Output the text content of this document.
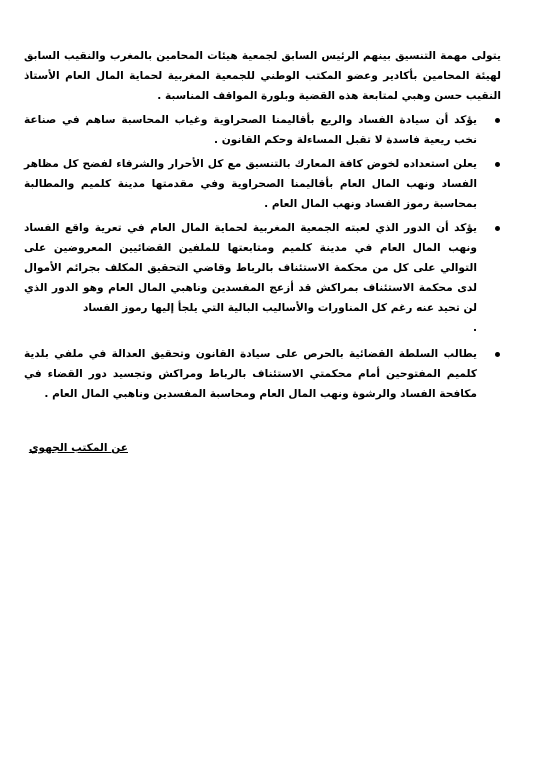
يتولى مهمة التنسيق بينهم الرئيس السابق لجمعية هيئات المحامين بالمغرب والنقيب السابق لهيئة المحامين بأكادير وعضو المكتب الوطني للجمعية المغربية لحماية المال العام الأستاذ النقيب حسن وهبي لمتابعة هذه القضية وبلورة المواقف المناسبة .

يؤكد أن سيادة الفساد والريع بأقاليمنا الصحراوية وغياب المحاسبة ساهم في صناعة نخب ريعية فاسدة لا تقبل المساءلة وحكم القانون .
يعلن استعداده لخوض كافة المعارك بالتنسيق مع كل الأحرار والشرفاء لفضح كل مظاهر الفساد ونهب المال العام بأقاليمنا الصحراوية وفي مقدمتها مدينة كلميم والمطالبة بمحاسبة رموز الفساد ونهب المال العام .
يؤكد أن الدور الذي لعبته الجمعية المغربية لحماية المال العام في تعرية واقع الفساد ونهب المال العام في مدينة كلميم ومتابعتها للملفين القضائيين المعروضين على التوالي على كل من محكمة الاستئناف بالرباط وقاضي التحقيق المكلف بجرائم الأموال لدى محكمة الاستئناف بمراكش قد أزعج المفسدين وناهبي المال العام وهو الدور الذي لن تحيد عنه رغم كل المناورات والأساليب البالية التي يلجأ إليها رموز الفساد
.
يطالب السلطة القضائية بالحرص على سيادة القانون وتحقيق العدالة في ملفي بلدية كلميم المفتوحين أمام محكمتي الاستئناف بالرباط ومراكش وتجسيد دور القضاء في مكافحة الفساد والرشوة ونهب المال العام ومحاسبة المفسدين وناهبي المال العام .
عن المكتب الجهوي
